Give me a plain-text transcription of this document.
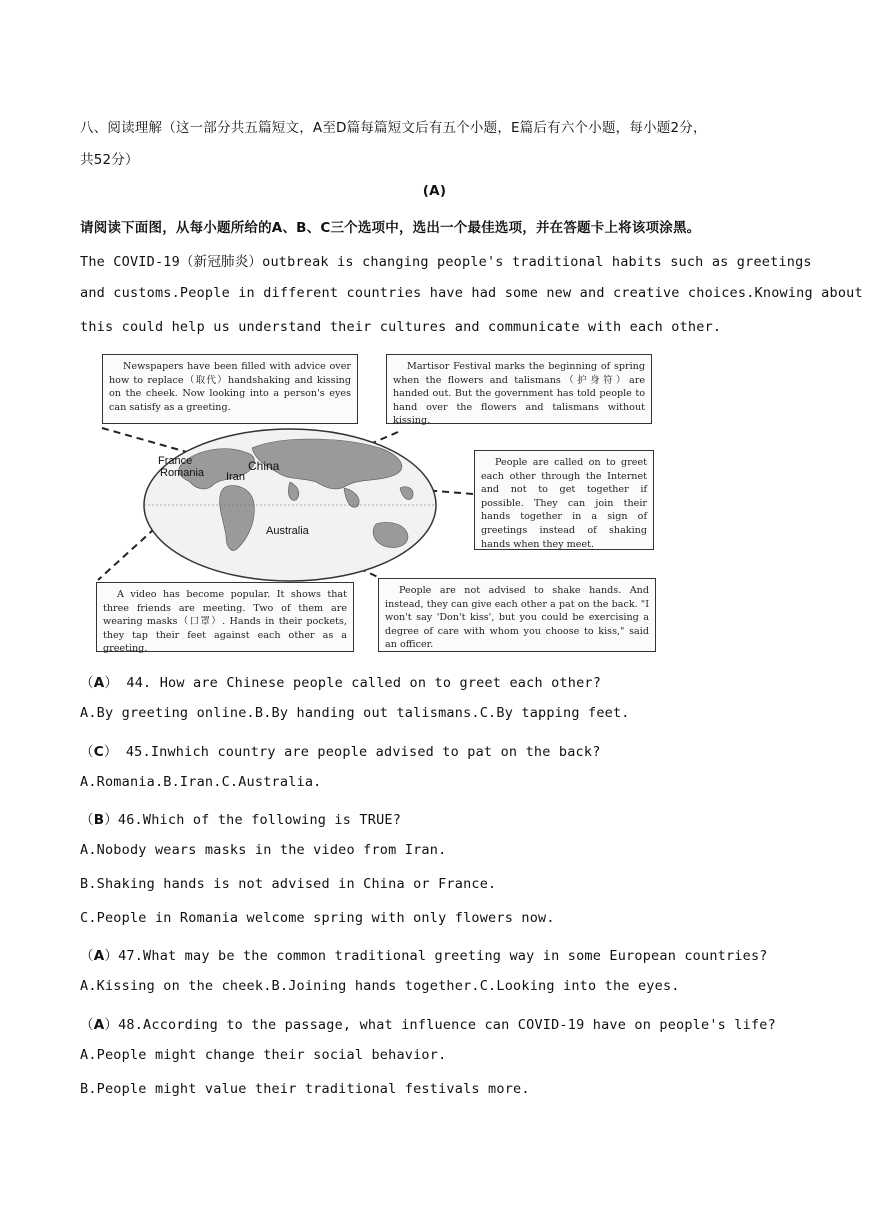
八、阅读理解（这一部分共五篇短文，A至D篇每篇短文后有五个小题，E篇后有六个小题，每小题2分，
共52分）
(A)
请阅读下面图，从每小题所给的A、B、C三个选项中，选出一个最佳选项，并在答题卡上将该项涂黑。
The COVID-19（新冠肺炎）outbreak is changing people's traditional habits such as greetings
and customs.People in different countries have had some new and creative choices.Knowing about
this could help us understand their cultures and communicate with each other.
France
Romania Iran
China
Australia
Newspapers have been filled with advice over how to replace（取代）handshaking and kissing on the cheek. Now looking into a person's eyes can satisfy as a greeting.
Martisor Festival marks the beginning of spring when the flowers and talismans（护身符）are handed out. But the government has told people to hand over the flowers and talismans without kissing.
People are called on to greet each other through the Internet and not to get together if possible. They can join their hands together in a sign of greetings instead of shaking hands when they meet.
A video has become popular. It shows that three friends are meeting. Two of them are wearing masks（口罩）. Hands in their pockets, they tap their feet against each other as a greeting.
People are not advised to shake hands. And instead, they can give each other a pat on the back. "I won't say 'Don't kiss', but you could be exercising a degree of care with whom you choose to kiss," said an officer.
（A） 44. How are Chinese people called on to greet each other?
A.By greeting online.B.By handing out talismans.C.By tapping feet.
（C） 45.Inwhich country are people advised to pat on the back?
A.Romania.B.Iran.C.Australia.
（B）46.Which of the following is TRUE?
A.Nobody wears masks in the video from Iran.
B.Shaking hands is not advised in China or France.
C.People in Romania welcome spring with only flowers now.
（A）47.What may be the common traditional greeting way in some European countries?
A.Kissing on the cheek.B.Joining hands together.C.Looking into the eyes.
（A）48.According to the passage, what influence can COVID-19 have on people's life?
A.People might change their social behavior.
B.People might value their traditional festivals more.
